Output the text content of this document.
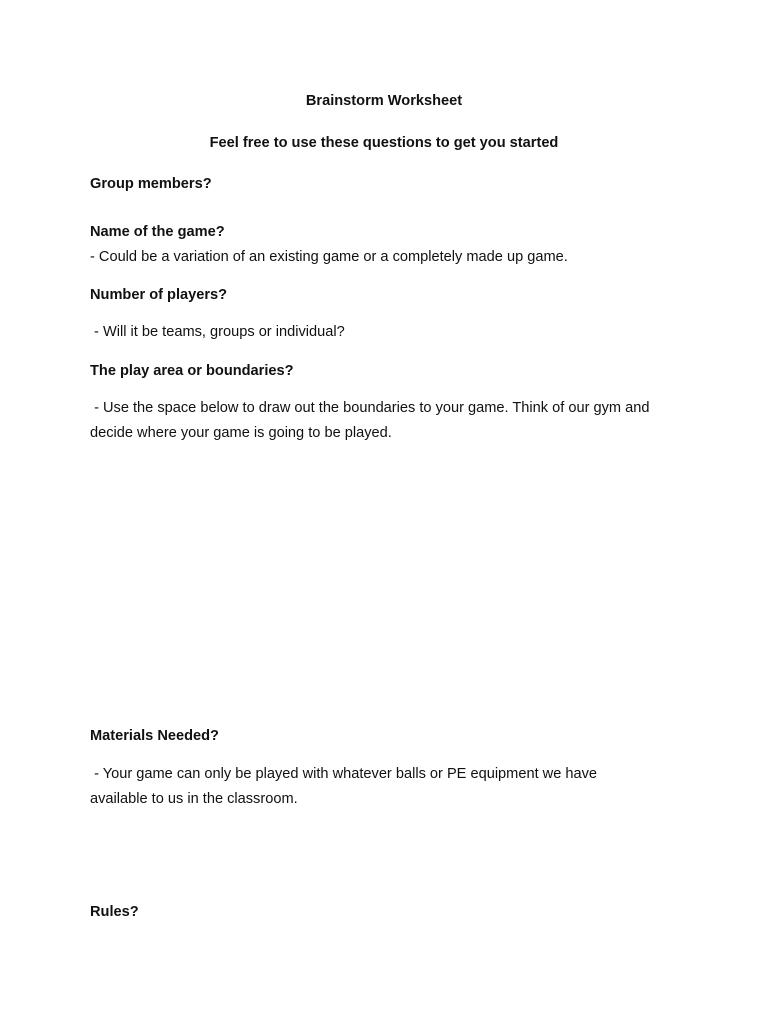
Brainstorm Worksheet
Feel free to use these questions to get you started
Group members?
Name of the game?
- Could be a variation of an existing game or a completely made up game.
Number of players?
- Will it be teams, groups or individual?
The play area or boundaries?
- Use the space below to draw out the boundaries to your game. Think of our gym and decide where your game is going to be played.
Materials Needed?
- Your game can only be played with whatever balls or PE equipment we have available to us in the classroom.
Rules?
